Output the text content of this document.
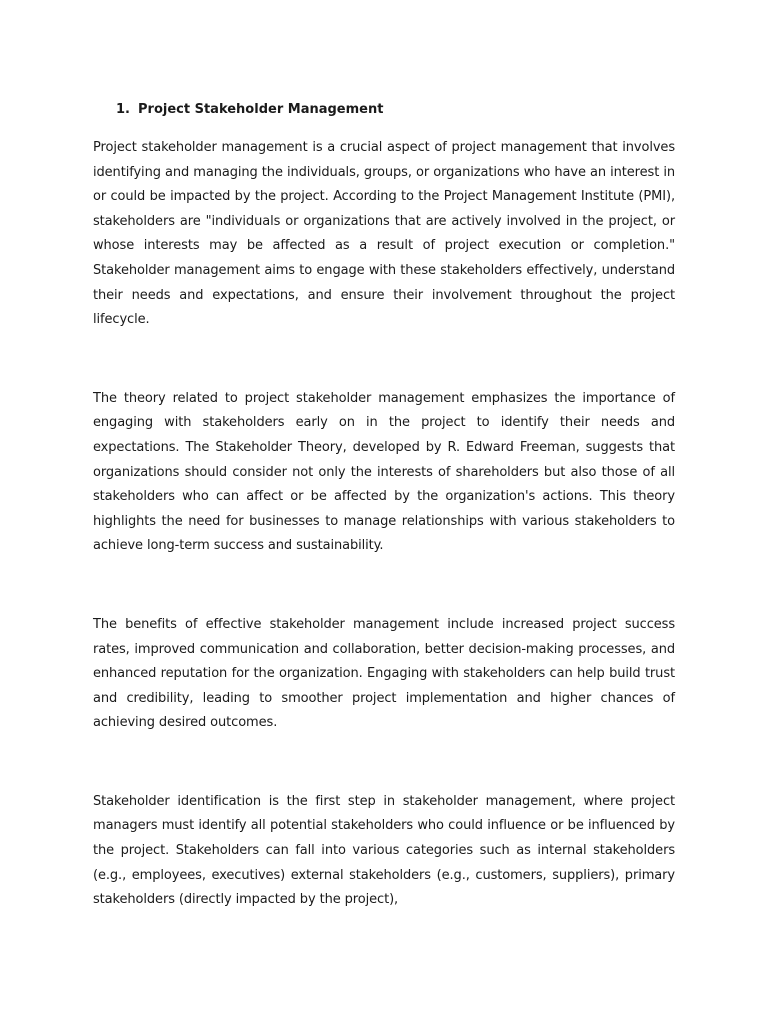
1. Project Stakeholder Management

Project stakeholder management is a crucial aspect of project management that involves identifying and managing the individuals, groups, or organizations who have an interest in or could be impacted by the project. According to the Project Management Institute (PMI), stakeholders are "individuals or organizations that are actively involved in the project, or whose interests may be affected as a result of project execution or completion." Stakeholder management aims to engage with these stakeholders effectively, understand their needs and expectations, and ensure their involvement throughout the project lifecycle.

The theory related to project stakeholder management emphasizes the importance of engaging with stakeholders early on in the project to identify their needs and expectations. The Stakeholder Theory, developed by R. Edward Freeman, suggests that organizations should consider not only the interests of shareholders but also those of all stakeholders who can affect or be affected by the organization's actions. This theory highlights the need for businesses to manage relationships with various stakeholders to achieve long-term success and sustainability.

The benefits of effective stakeholder management include increased project success rates, improved communication and collaboration, better decision-making processes, and enhanced reputation for the organization. Engaging with stakeholders can help build trust and credibility, leading to smoother project implementation and higher chances of achieving desired outcomes.

Stakeholder identification is the first step in stakeholder management, where project managers must identify all potential stakeholders who could influence or be influenced by the project. Stakeholders can fall into various categories such as internal stakeholders (e.g., employees, executives) external stakeholders (e.g., customers, suppliers), primary stakeholders (directly impacted by the project),
